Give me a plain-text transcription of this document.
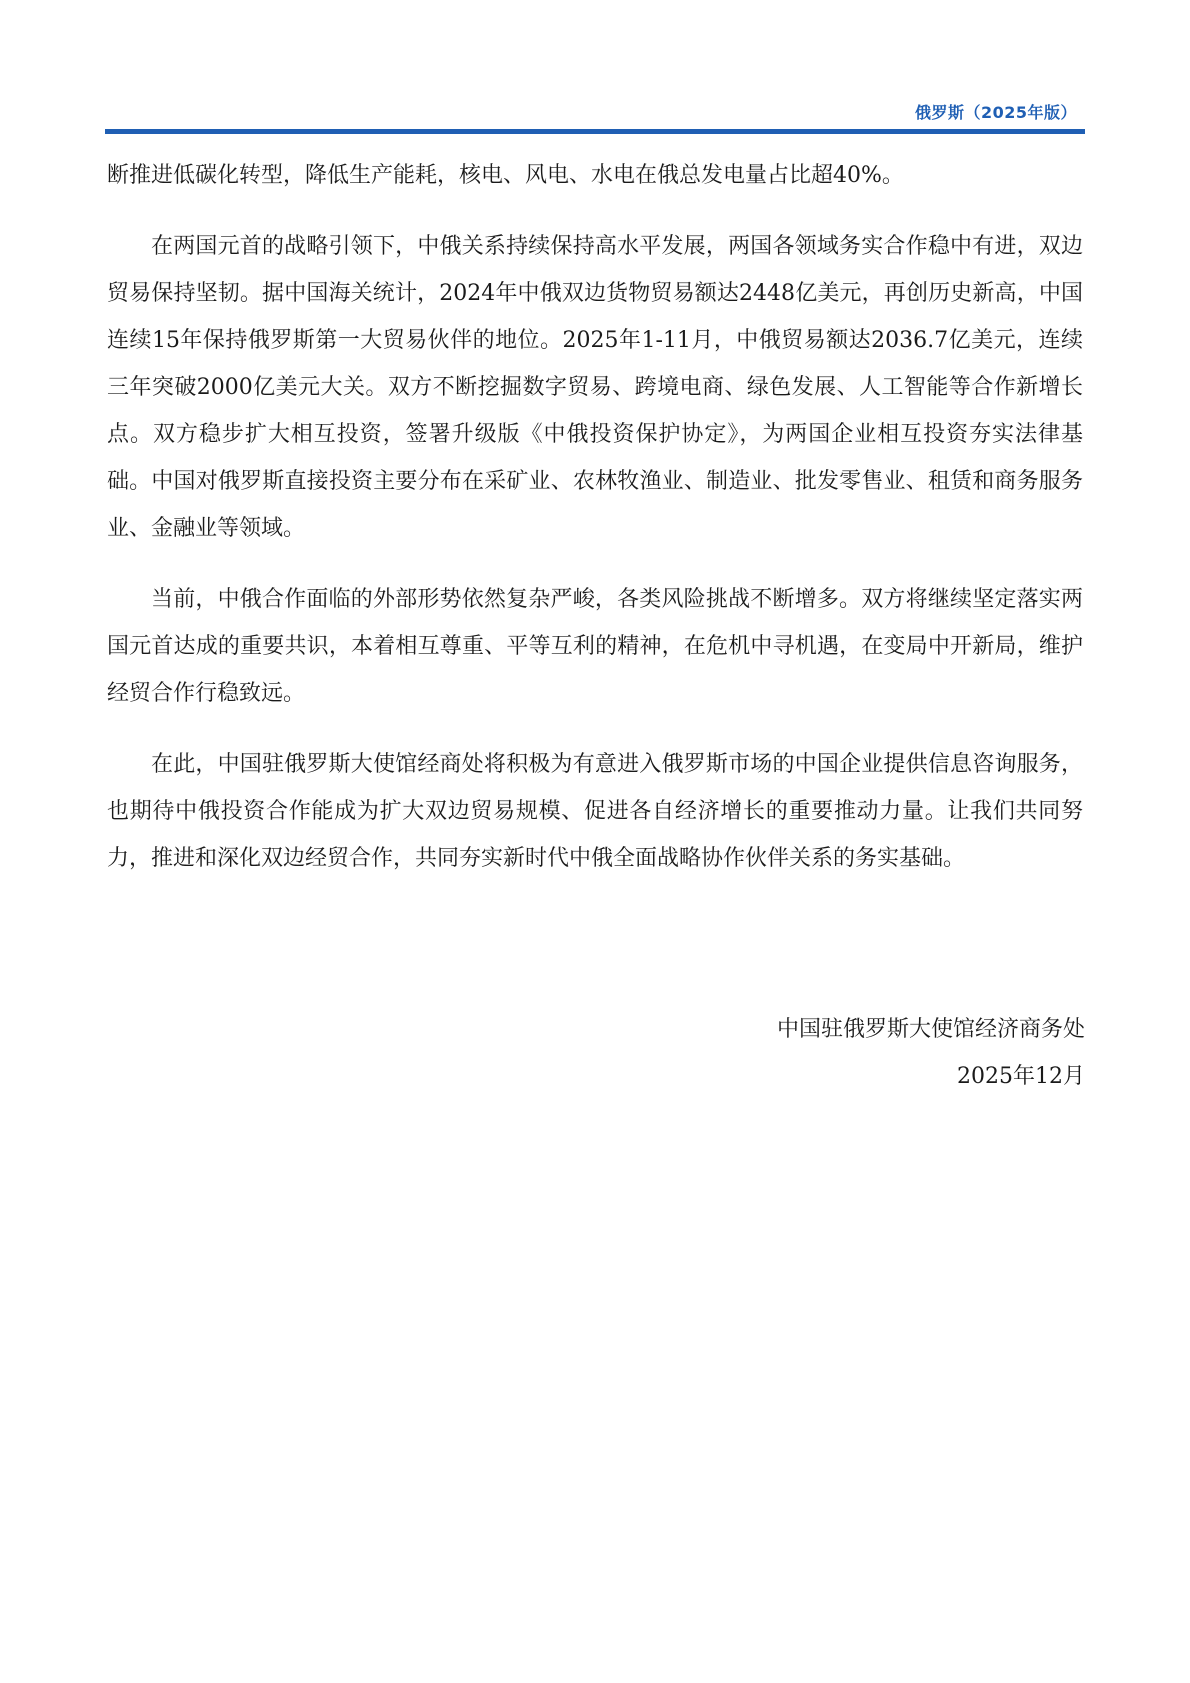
俄罗斯（2025年版）

断推进低碳化转型，降低生产能耗，核电、风电、水电在俄总发电量占比超40%。

在两国元首的战略引领下，中俄关系持续保持高水平发展，两国各领域务实合作稳中有进，双边贸易保持坚韧。据中国海关统计，2024年中俄双边货物贸易额达2448亿美元，再创历史新高，中国连续15年保持俄罗斯第一大贸易伙伴的地位。2025年1-11月，中俄贸易额达2036.7亿美元，连续三年突破2000亿美元大关。双方不断挖掘数字贸易、跨境电商、绿色发展、人工智能等合作新增长点。双方稳步扩大相互投资，签署升级版《中俄投资保护协定》，为两国企业相互投资夯实法律基础。中国对俄罗斯直接投资主要分布在采矿业、农林牧渔业、制造业、批发零售业、租赁和商务服务业、金融业等领域。

当前，中俄合作面临的外部形势依然复杂严峻，各类风险挑战不断增多。双方将继续坚定落实两国元首达成的重要共识，本着相互尊重、平等互利的精神，在危机中寻机遇，在变局中开新局，维护经贸合作行稳致远。

在此，中国驻俄罗斯大使馆经商处将积极为有意进入俄罗斯市场的中国企业提供信息咨询服务，也期待中俄投资合作能成为扩大双边贸易规模、促进各自经济增长的重要推动力量。让我们共同努力，推进和深化双边经贸合作，共同夯实新时代中俄全面战略协作伙伴关系的务实基础。

中国驻俄罗斯大使馆经济商务处
2025年12月
